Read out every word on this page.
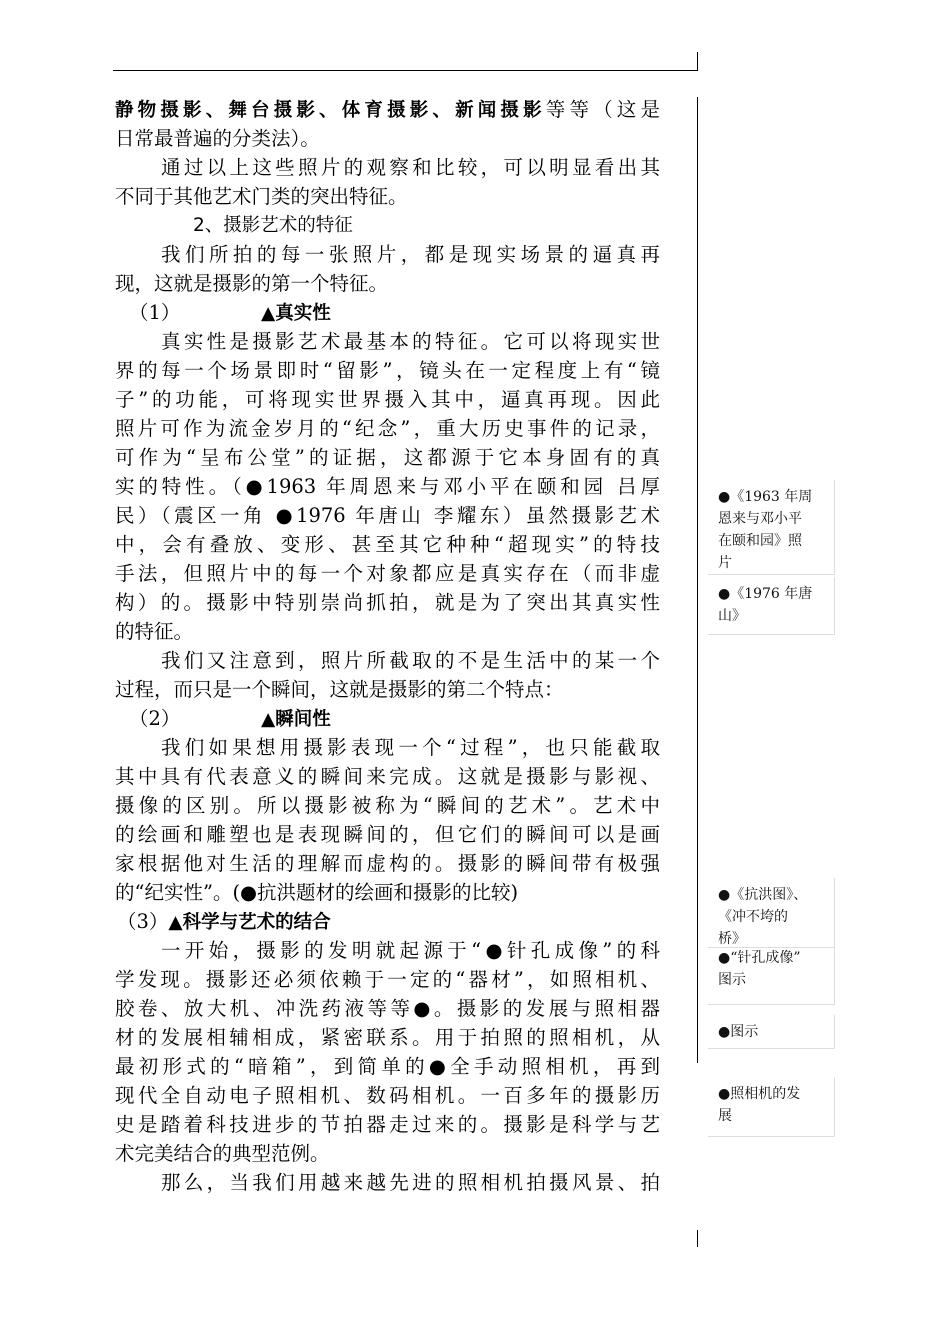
静物摄影、舞台摄影、体育摄影、新闻摄影等等（这是
日常最普遍的分类法）。
通过以上这些照片的观察和比较，可以明显看出其
不同于其他艺术门类的突出特征。
2、摄影艺术的特征
我们所拍的每一张照片，都是现实场景的逼真再
现，这就是摄影的第一个特征。
（1）	▲真实性
真实性是摄影艺术最基本的特征。它可以将现实世
界的每一个场景即时“留影”，镜头在一定程度上有“镜
子”的功能，可将现实世界摄入其中，逼真再现。因此
照片可作为流金岁月的“纪念”，重大历史事件的记录，
可作为“呈布公堂”的证据，这都源于它本身固有的真
实的特性。（●1963 年周恩来与邓小平在颐和园 吕厚
民）（震区一角 ●1976 年唐山 李耀东）虽然摄影艺术
中，会有叠放、变形、甚至其它种种“超现实”的特技
手法，但照片中的每一个对象都应是真实存在（而非虚
构）的。摄影中特别崇尚抓拍，就是为了突出其真实性
的特征。
我们又注意到，照片所截取的不是生活中的某一个
过程，而只是一个瞬间，这就是摄影的第二个特点：
（2）	▲瞬间性
我们如果想用摄影表现一个“过程”，也只能截取
其中具有代表意义的瞬间来完成。这就是摄影与影视、
摄像的区别。所以摄影被称为“瞬间的艺术”。艺术中
的绘画和雕塑也是表现瞬间的，但它们的瞬间可以是画
家根据他对生活的理解而虚构的。摄影的瞬间带有极强
的“纪实性”。(●抗洪题材的绘画和摄影的比较)
（3）▲科学与艺术的结合
一开始，摄影的发明就起源于“●针孔成像”的科
学发现。摄影还必须依赖于一定的“器材”，如照相机、
胶卷、放大机、冲洗药液等等●。摄影的发展与照相器
材的发展相辅相成，紧密联系。用于拍照的照相机，从
最初形式的“暗箱”，到简单的●全手动照相机，再到
现代全自动电子照相机、数码相机。一百多年的摄影历
史是踏着科技进步的节拍器走过来的。摄影是科学与艺
术完美结合的典型范例。
那么，当我们用越来越先进的照相机拍摄风景、拍
●《1963 年周
恩来与邓小平
在颐和园》照
片
●《1976 年唐
山》
●《抗洪图》、
《冲不垮的
桥》
●“针孔成像”
图示
●图示
●照相机的发
展
